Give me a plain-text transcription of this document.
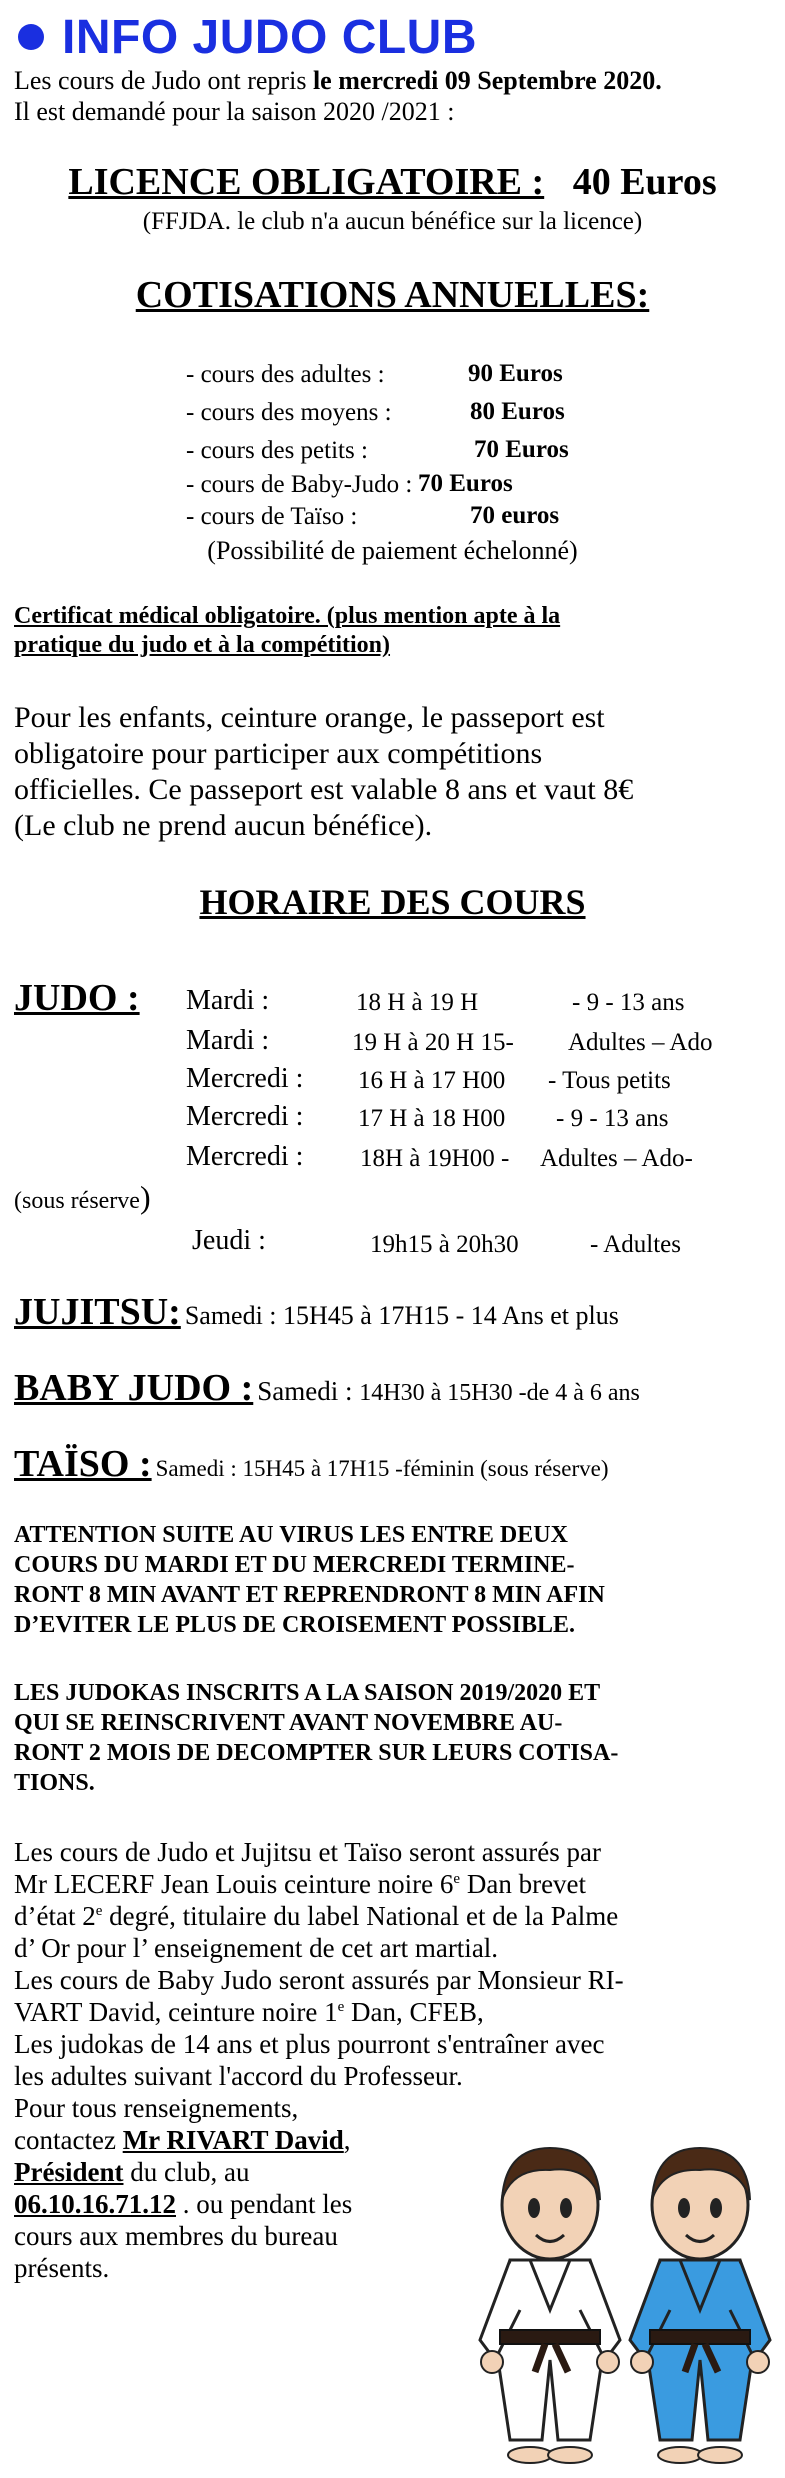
INFO JUDO CLUB
Les cours de Judo ont repris le mercredi 09 Septembre 2020.
Il est demandé pour la saison 2020 /2021 :
LICENCE OBLIGATOIRE : 40 Euros
(FFJDA. le club n'a aucun bénéfice sur la licence)
COTISATIONS ANNUELLES:
- cours des adultes :	90 Euros
- cours des moyens :	80 Euros
- cours des petits :	70 Euros
- cours de Baby-Judo : 70 Euros
- cours de Taïso :	70 euros
(Possibilité de paiement échelonné)
Certificat médical obligatoire. (plus mention apte à la
pratique du judo et à la compétition)
Pour les enfants, ceinture orange, le passeport est
obligatoire pour participer aux compétitions
officielles. Ce passeport est valable 8 ans et vaut 8€
(Le club ne prend aucun bénéfice).
HORAIRE DES COURS
JUDO : Mardi :	18 H à 19 H	- 9 - 13 ans
Mardi :	19 H à 20 H 15- Adultes – Ado
Mercredi : 16 H à 17 H00 - Tous petits
Mercredi : 17 H à 18 H00 - 9 - 13 ans
Mercredi : 18H à 19H00 - Adultes – Ado-
(sous réserve)
Jeudi :	19h15 à 20h30	- Adultes
JUJITSU: Samedi : 15H45 à 17H15 - 14 Ans et plus
BABY JUDO : Samedi : 14H30 à 15H30 -de 4 à 6 ans
TAÏSO : Samedi : 15H45 à 17H15 -féminin (sous réserve)
ATTENTION SUITE AU VIRUS LES ENTRE DEUX
COURS DU MARDI ET DU MERCREDI TERMINE-
RONT 8 MIN AVANT ET REPRENDRONT 8 MIN AFIN
D’EVITER LE PLUS DE CROISEMENT POSSIBLE.
LES JUDOKAS INSCRITS A LA SAISON 2019/2020 ET
QUI SE REINSCRIVENT AVANT NOVEMBRE AU-
RONT 2 MOIS DE DECOMPTER SUR LEURS COTISA-
TIONS.
Les cours de Judo et Jujitsu et Taïso seront assurés par
Mr LECERF Jean Louis ceinture noire 6e Dan brevet
d’état 2e degré, titulaire du label National et de la Palme
d’ Or pour l’ enseignement de cet art martial.
Les cours de Baby Judo seront assurés par Monsieur RI-
VART David, ceinture noire 1e Dan, CFEB,
Les judokas de 14 ans et plus pourront s'entraîner avec
les adultes suivant l'accord du Professeur.
Pour tous renseignements,
contactez Mr RIVART David,
Président du club, au
06.10.16.71.12 . ou pendant les
cours aux membres du bureau
présents.
